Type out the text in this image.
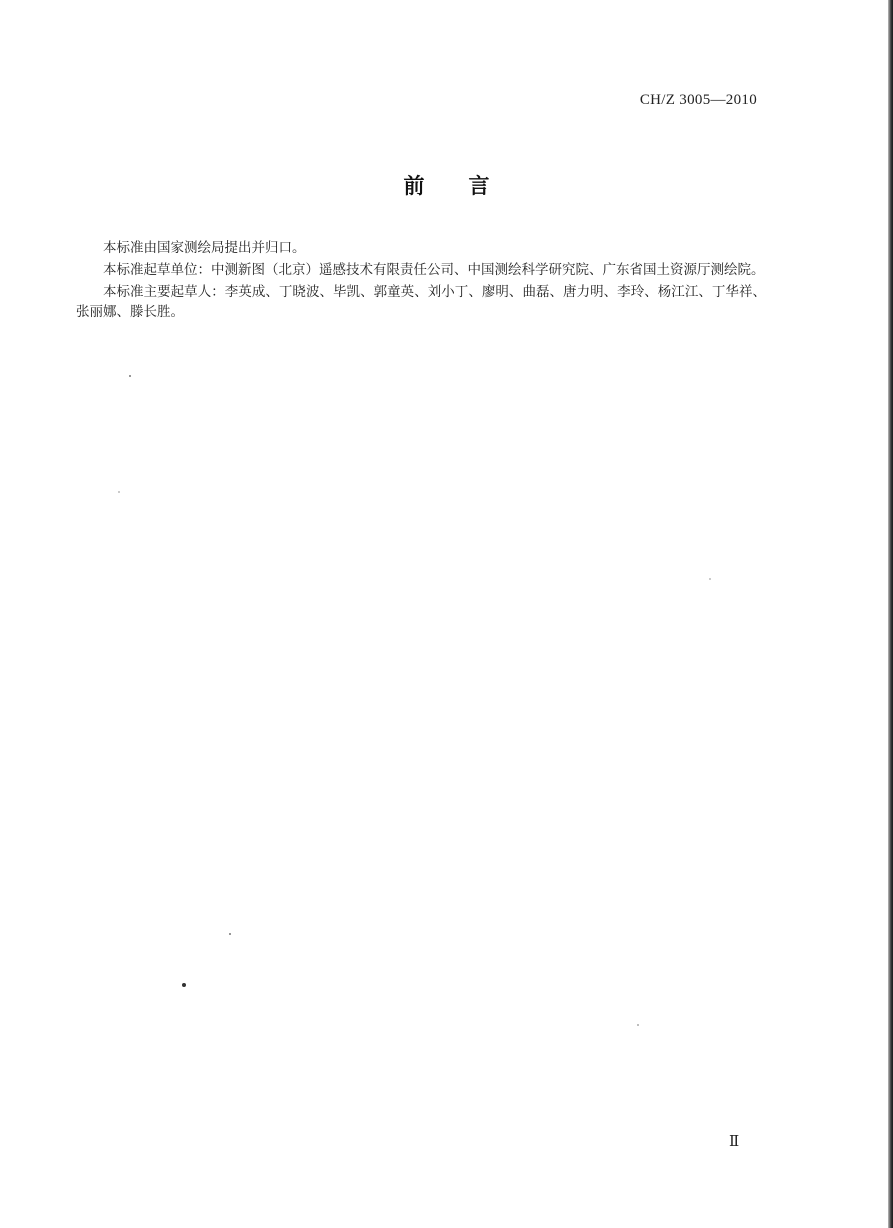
CH/Z 3005—2010
前言

本标准由国家测绘局提出并归口。

本标准起草单位：中测新图（北京）遥感技术有限责任公司、中国测绘科学研究院、广东省国土资源厅测绘院。

本标准主要起草人：李英成、丁晓波、毕凯、郭童英、刘小丁、廖明、曲磊、唐力明、李玲、杨江江、丁华祥、张丽娜、滕长胜。

Ⅱ
